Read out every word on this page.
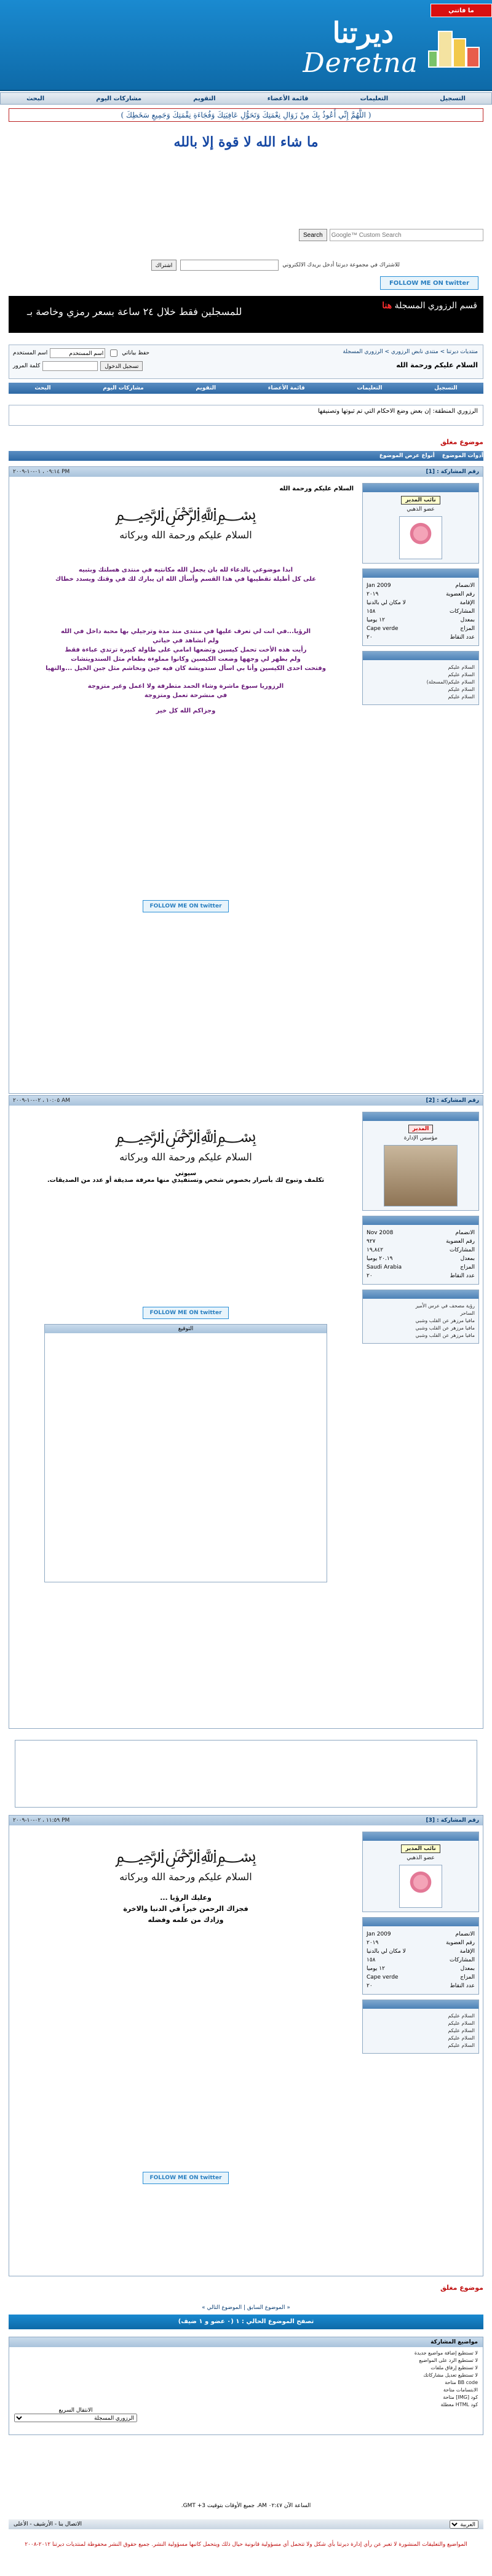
ما فاتني
ديرتنا
Deretna
التسجيل
التعليمات
قائمة الأعضاء
التقويم
مشاركات اليوم
البحث
( اللَّهُمَّ إِنِّي أَعُوذُ بِكَ مِنْ زَوَالِ نِعْمَتِكَ وَتَحَوُّلِ عَافِيَتِكَ وَفُجَاءَةِ نِقْمَتِكَ وَجَمِيعِ سَخَطِكَ )
ما شاء الله لا قوة إلا بالله
Search
Google™ Custom Search
للاشتراك في مجموعة ديرتنا أدخل بريدك الالكتروني
اشتراك
FOLLOW ME ON twitter
للمسجلين فقط خلال ٢٤ ساعة بسعر رمزي وخاصة بـ	قسم الرزوري المسجلة هنا
منتديات ديرتنا > منتدى نابض الرزوري > الرزوري المسجلة
السلام عليكم ورحمة الله
حفظ بياناتي
اسم المستخدم
اسم المستخدم
تسجيل الدخول
كلمة المرور
التسجيل
التعليمات
قائمة الأعضاء
التقويم
مشاركات اليوم
البحث
الرزوري المنطقة: إن بعض وضع الاحكام التي تم ثبوتها وتصنيفها
موضوع مغلق
أدوات الموضوع
أنواع عرض الموضوع
رقم المشاركة : [1]
PM ٠٩:١٤ ، ٠١-١٠-٢٠٠٩

نائب المدير
عضو الذهبي

الانضمام
Jan 2009
رقم العضوية
٢٠١٩
الإقامة
لا مكان لي بالدنيا
المشاركات
١٥٨
بمعدل
١٢ يوميا
المزاج
Cape verde
عدد النقاط
٢٠

السلام عليكم
السلام عليكم
السلام عليكم(المسجلة)
السلام عليكم
السلام عليكم
السلام عليكم ورحمة الله
﷽
السلام عليكم ورحمة الله وبركاته
ابدا موضوعي بالدعاء لله بان يجعل الله مكانتيه في منتدى هسلتك وبثبيه
على كل أطيلة تقطيبها في هذا القسم وأسأل الله ان يبارك لك في وقتك ويسدد خطاك
الرؤيا...في انت لي تعرف عليها في منتدى منذ مدة وترجيلي بها محبة داخل في الله
ولم انشاهد في حياتي
رأيت هذه الأخت تحمل كيسين وتضعها امامي على طاولة كبيرة ترتدي عباءة فقط
ولم بظهر لي وجهها وضعت الكيسين وكانوا مملوءة بطعام مثل السندويتشات
وفتحت احدى الكيسين وأنا بي اسأل سندويشة كان فيه جبن ونخاشم مثل جبن الخيل ...والتهيا
الرزوريا سبوع ماشرة وشاء الحمد متطرفة ولا اعمل وغير متزوجة
في منشرحة تعمل ومتزوجة
وجزاكم الله كل خير
FOLLOW ME ON twitter
رقم المشاركة : [2]
AM ١٠:٠٥ ، ٠٢-١٠-٢٠٠٩

المدير
مؤسس الإدارة

الانضمام
Nov 2008
رقم العضوية
٩٢٧
المشاركات
١٩,٨٤٢
بمعدل
٢٠.١٩ يوميا
المزاج
Saudi Arabia
عدد النقاط
٢٠

رؤية مصحف في عرس الأمير
الساحر
مافيا مرزهر عن القلب وشبي
مافيا مرزهر عن القلب وشبي
مافيا مرزهر عن القلب وشبي
﷽
السلام عليكم ورحمة الله وبركاته
سيوتي
تكلمف وتبوح لك بأسرار بخصوص شخص وتستفيدي منها معرفة صديقة أو عدد من الصديقات.
FOLLOW ME ON twitter
التوقيع
رقم المشاركة : [3]
PM ١١:٥٩ ، ٠٢-١٠-٢٠٠٩

نائب المدير
عضو الذهبي

الانضمام
Jan 2009
رقم العضوية
٢٠١٩
الإقامة
لا مكان لي بالدنيا
المشاركات
١٥٨
بمعدل
١٢ يوميا
المزاج
Cape verde
عدد النقاط
٢٠

السلام عليكم
السلام عليكم
السلام عليكم
السلام عليكم
السلام عليكم
﷽
السلام عليكم ورحمة الله وبركاته
وعليك الرؤيا ...
فجزاك الرحمن خيراً في الدنيا والاخرة
وزادك من علمه وفضله
FOLLOW ME ON twitter
موضوع مغلق
« الموضوع السابق | الموضوع التالي »
تصفح الموضوع الحالي : ١ (٠ عضو و ١ ضيف)
مواضيع المشاركة
لا تستطيع إضافة مواضيع جديدة
لا تستطيع الرد على المواضيع
لا تستطيع إرفاق ملفات
لا تستطيع تعديل مشاركاتك
BB code متاحة
الابتسامات متاحة
كود [IMG] متاحة
كود HTML معطلة
الانتقال السريع
الرزوري المسجلة
الساعة الآن ٠٢:٤٧ AM. جميع الأوقات بتوقيت GMT +3.
العربية
الاتصال بنا - الأرشيف - الأعلى
المواضيع والتعليقات المنشورة لا تعبر عن رأي إدارة ديرتنا بأي شكل ولا تتحمل أي مسؤولية قانونية حيال ذلك ويتحمل كاتبها مسؤولية النشر. جميع حقوق النشر محفوظة لمنتديات ديرتنا ٢٠١٢-٢٠٠٨
